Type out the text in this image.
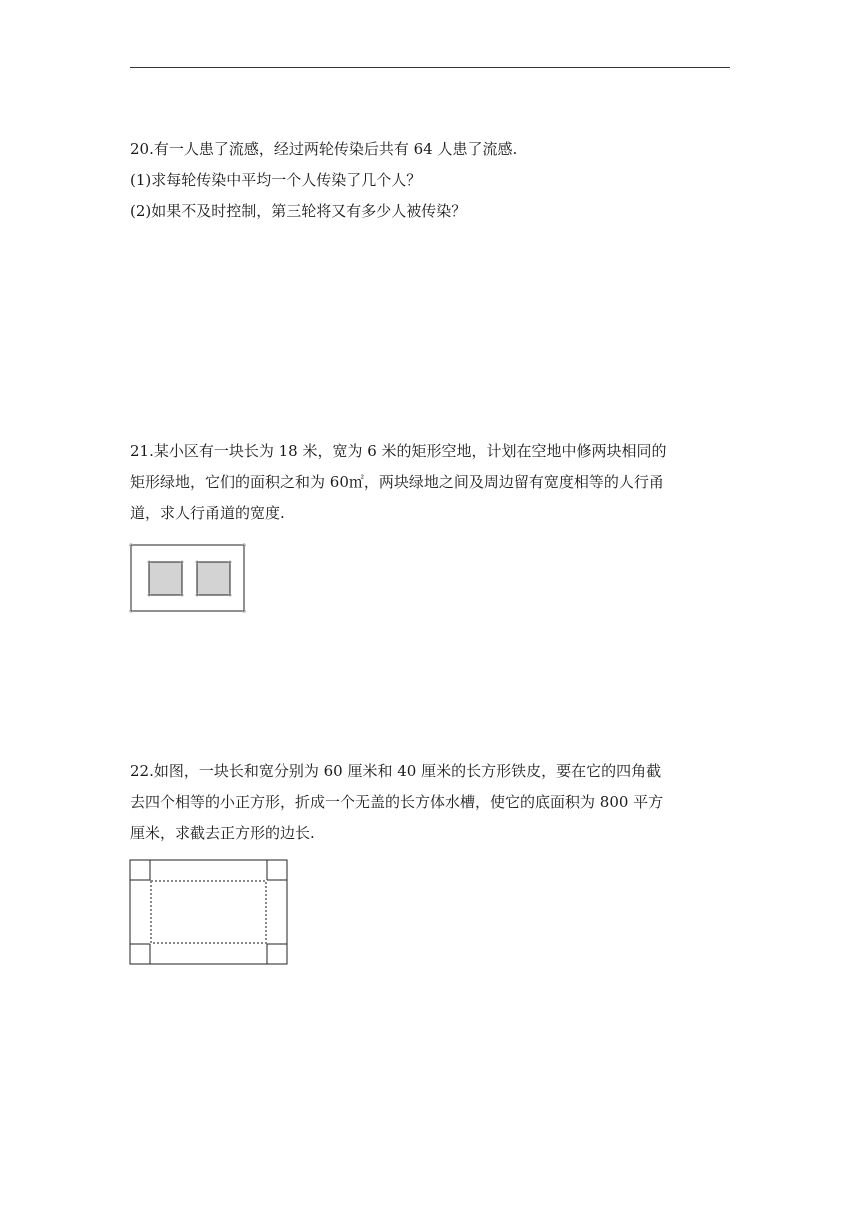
20.有一人患了流感，经过两轮传染后共有 64 人患了流感.

(1)求每轮传染中平均一个人传染了几个人？

(2)如果不及时控制，第三轮将又有多少人被传染？

21.某小区有一块长为 18 米，宽为 6 米的矩形空地，计划在空地中修两块相同的

矩形绿地，它们的面积之和为 60㎡，两块绿地之间及周边留有宽度相等的人行甬

道，求人行甬道的宽度.

22.如图，一块长和宽分别为 60 厘米和 40 厘米的长方形铁皮，要在它的四角截

去四个相等的小正方形，折成一个无盖的长方体水槽，使它的底面积为 800 平方

厘米，求截去正方形的边长.
